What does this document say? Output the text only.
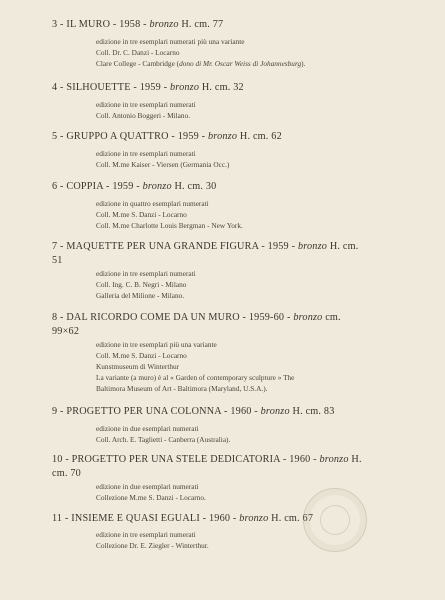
3 - IL MURO - 1958 - bronzo H. cm. 77
edizione in tre esemplari numerati più una variante
Coll. Dr. C. Danzi - Locarno
Clare College - Cambridge (dono di Mr. Oscar Weiss di Johannesburg).
4 - SILHOUETTE - 1959 - bronzo H. cm. 32
edizione in tre esemplari numerati
Coll. Antonio Boggeri - Milano.
5 - GRUPPO A QUATTRO - 1959 - bronzo H. cm. 62
edizione in tre esemplari numerati
Coll. M.me Kaiser - Viersen (Germania Occ.)
6 - COPPIA - 1959 - bronzo H. cm. 30
edizione in quattro esemplari numerati
Coll. M.me S. Danzi - Locarno
Coll. M.me Charlotte Louis Bergman - New York.
7 - MAQUETTE PER UNA GRANDE FIGURA - 1959 - bronzo H. cm. 51
edizione in tre esemplari numerati
Coll. Ing. C. B. Negri - Milano
Galleria del Milione - Milano.
8 - DAL RICORDO COME DA UN MURO - 1959-60 - bronzo cm. 99×62
edizione in tre esemplari più una variante
Coll. M.me S. Danzi - Locarno
Kunstmuseum di Winterthur
La variante (a muro) è al « Garden of contemporary sculpture » The
Baltimora Museum of Art - Baltimora (Maryland, U.S.A.).
9 - PROGETTO PER UNA COLONNA - 1960 - bronzo H. cm. 83
edizione in due esemplari numerati
Coll. Arch. E. Taglietti - Canberra (Australia).
10 - PROGETTO PER UNA STELE DEDICATORIA - 1960 - bronzo H. cm. 70
edizione in due esemplari numerati
Collezione M.me S. Danzi - Locarno.
11 - INSIEME E QUASI EGUALI - 1960 - bronzo H. cm. 67
edizione in tre esemplari numerati
Collezione Dr. E. Ziegler - Winterthur.
